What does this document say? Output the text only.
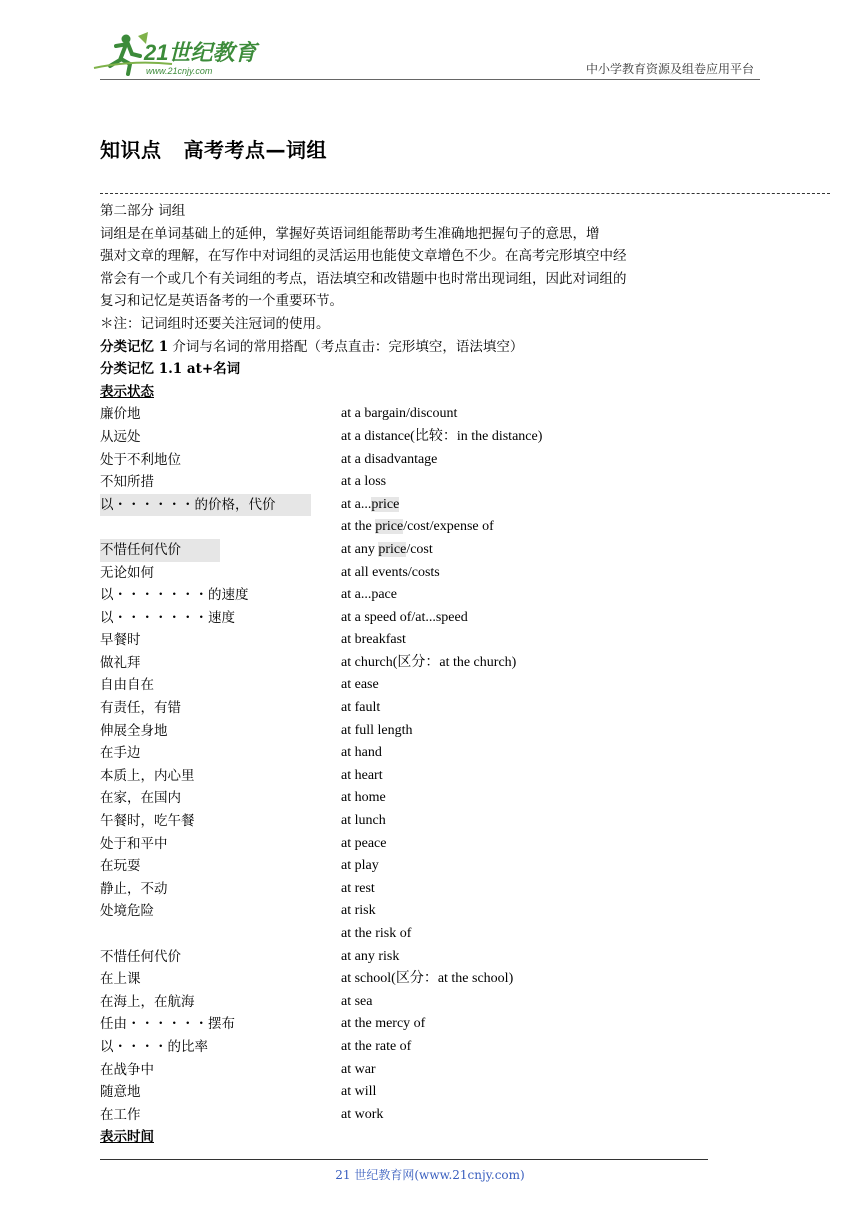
21世纪教育
www.21cnjy.com	中小学教育资源及组卷应用平台
知识点 高考考点—词组
第二部分 词组
词组是在单词基础上的延伸，掌握好英语词组能帮助考生准确地把握句子的意思，增
强对文章的理解，在写作中对词组的灵活运用也能使文章增色不少。在高考完形填空中经
常会有一个或几个有关词组的考点，语法填空和改错题中也时常出现词组，因此对词组的
复习和记忆是英语备考的一个重要环节。
＊注：记词组时还要关注冠词的使用。
分类记忆 1 介词与名词的常用搭配（考点直击：完形填空，语法填空）
分类记忆 1.1 at+名词
表示状态
廉价地	at a bargain/discount
从远处	at a distance(比较：in the distance)
处于不利地位	at a disadvantage
不知所措	at a loss
以・・・・・・的价格，代价	at a...price
at the price/cost/expense of
不惜任何代价	at any price/cost
无论如何	at all events/costs
以・・・・・・・的速度	at a...pace
以・・・・・・・速度	at a speed of/at...speed
早餐时	at breakfast
做礼拜	at church(区分：at the church)
自由自在	at ease
有责任，有错	at fault
伸展全身地	at full length
在手边	at hand
本质上，内心里	at heart
在家，在国内	at home
午餐时，吃午餐	at lunch
处于和平中	at peace
在玩耍	at play
静止，不动	at rest
处境危险	at risk
at the risk of
不惜任何代价	at any risk
在上课	at school(区分：at the school)
在海上，在航海	at sea
任由・・・・・・摆布	at the mercy of
以・・・・的比率	at the rate of
在战争中	at war
随意地	at will
在工作	at work
表示时间
21 世纪教育网(www.21cnjy.com)
